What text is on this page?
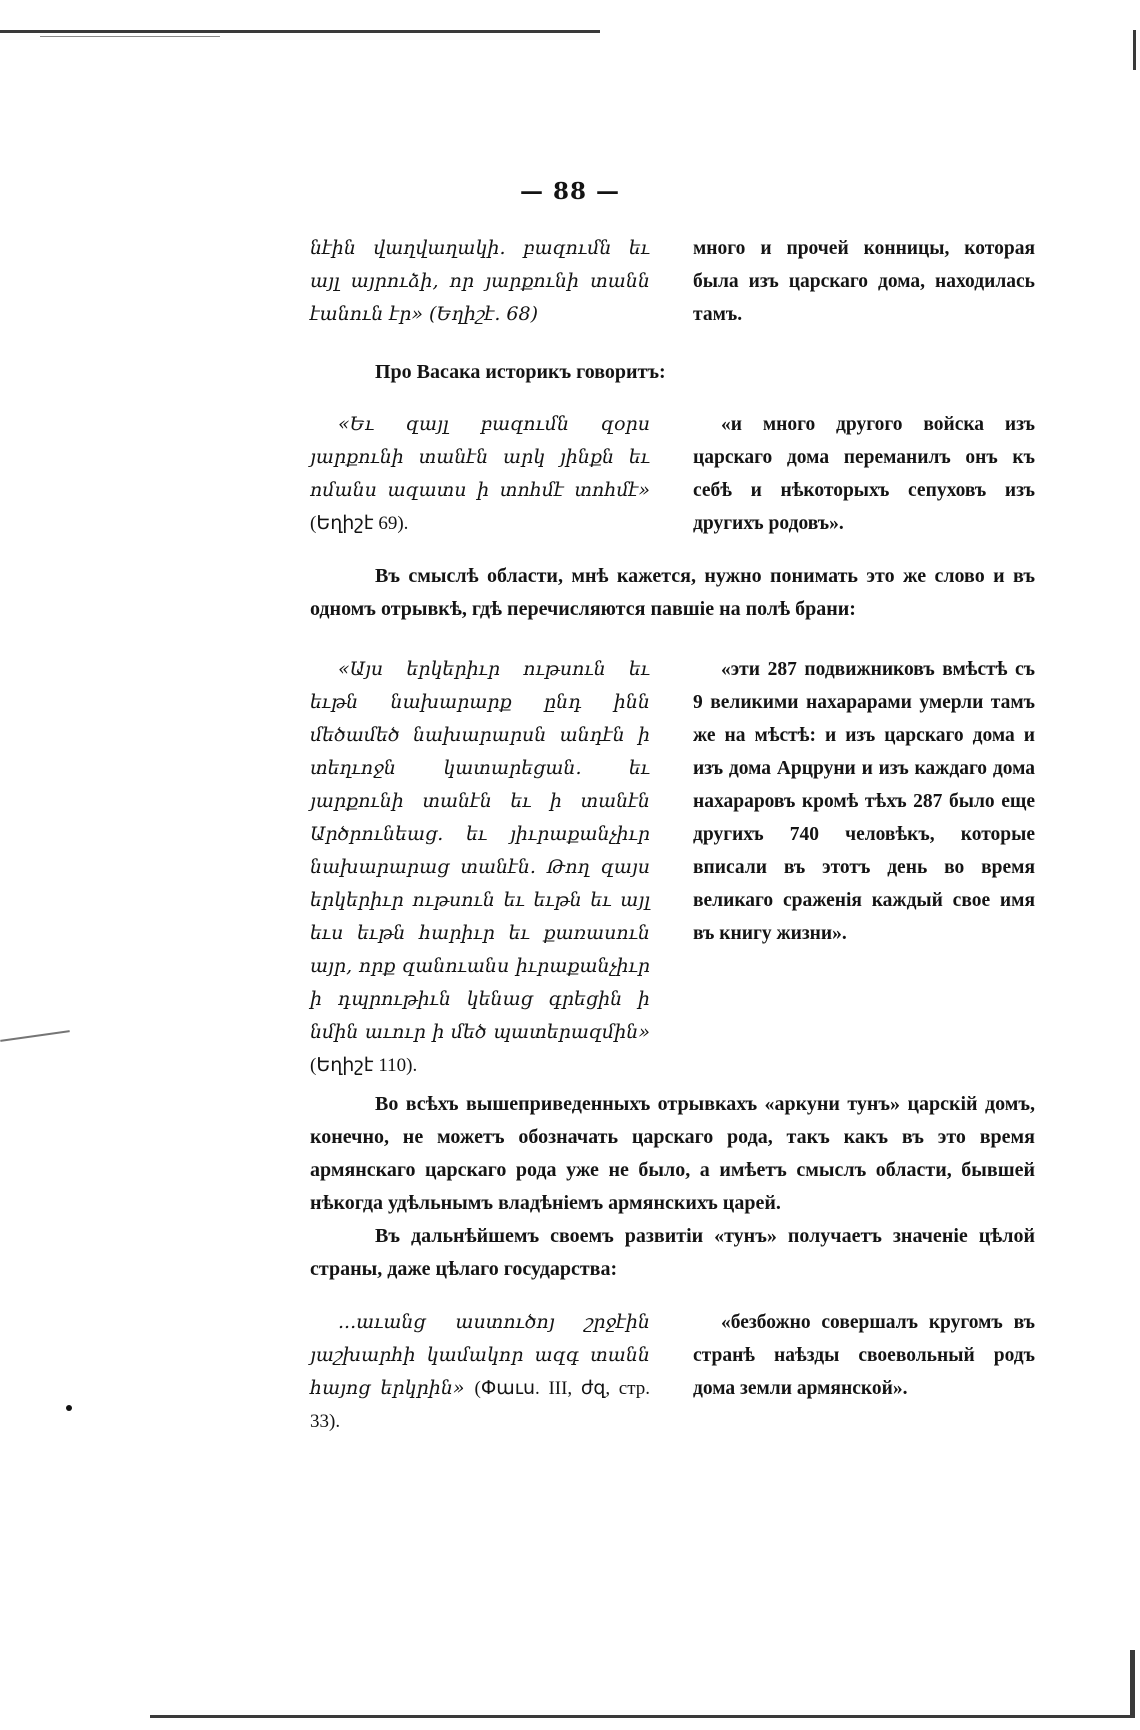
— 88 —
նէին վաղվաղակի. բազումն եւ այլ այրուձի, որ յարքունի տանն էանուն էր» (Եղիշէ. 68)
много и прочей конницы, которая была изъ царскаго дома, находилась тамъ.

Про Васака историкъ говоритъ:

«Եւ զայլ բազումն զօրս յարքունի տանէն արկ յինքն եւ ոմանս ազատս ի տոհմէ տոհմէ» (Եղիշէ 69).
«и много другого войска изъ царскаго дома переманилъ онъ къ себѣ и нѣкоторыхъ сепуховъ изъ другихъ родовъ».

Въ смыслѣ области, мнѣ кажется, нужно понимать это же слово и въ одномъ отрывкѣ, гдѣ перечисляются павшіе на полѣ брани:

«Այս երկերիւր ութսուն եւ եւթն նախարարք ընդ ինն մեծամեծ նախարարսն անդէն ի տեղւոջն կատարեցան. եւ յարքունի տանէն եւ ի տանէն Արծրունեաց. եւ յիւրաքանչիւր նախարարաց տանէն. Թող զայս երկերիւր ութսուն եւ եւթն եւ այլ եւս եւթն հարիւր եւ քառասուն այր, որք զանուանս իւրաքանչիւր ի դպրութիւն կենաց գրեցին ի նմին աւուր ի մեծ պատերազմին» (Եղիշէ 110).
«эти 287 подвижниковъ вмѣстѣ съ 9 великими нахарарами умерли тамъ же на мѣстѣ: и изъ царскаго дома и изъ дома Арцруни и изъ каждаго дома нахараровъ кромѣ тѣхъ 287 было еще другихъ 740 человѣкъ, которые вписали въ этотъ день во время великаго сраженія каждый свое имя въ книгу жизни».

Во всѣхъ вышеприведенныхъ отрывкахъ «аркуни тунъ» царскій домъ, конечно, не можетъ обозначать царскаго рода, такъ какъ въ это время армянскаго царскаго рода уже не было, а имѣетъ смыслъ области, бывшей нѣкогда удѣльнымъ владѣніемъ армянскихъ царей.

Въ дальнѣйшемъ своемъ развитіи «тунъ» получаетъ значеніе цѣлой страны, даже цѣлаго государства:

...աւանց աստուծոյ շրջէին յաշխարհի կամակոր ազգ տանն հայոց երկրին» (Փաւս. III, ժզ, стр. 33).
«безбожно совершалъ кругомъ въ странѣ наѣзды своевольный родъ дома земли армянской».
